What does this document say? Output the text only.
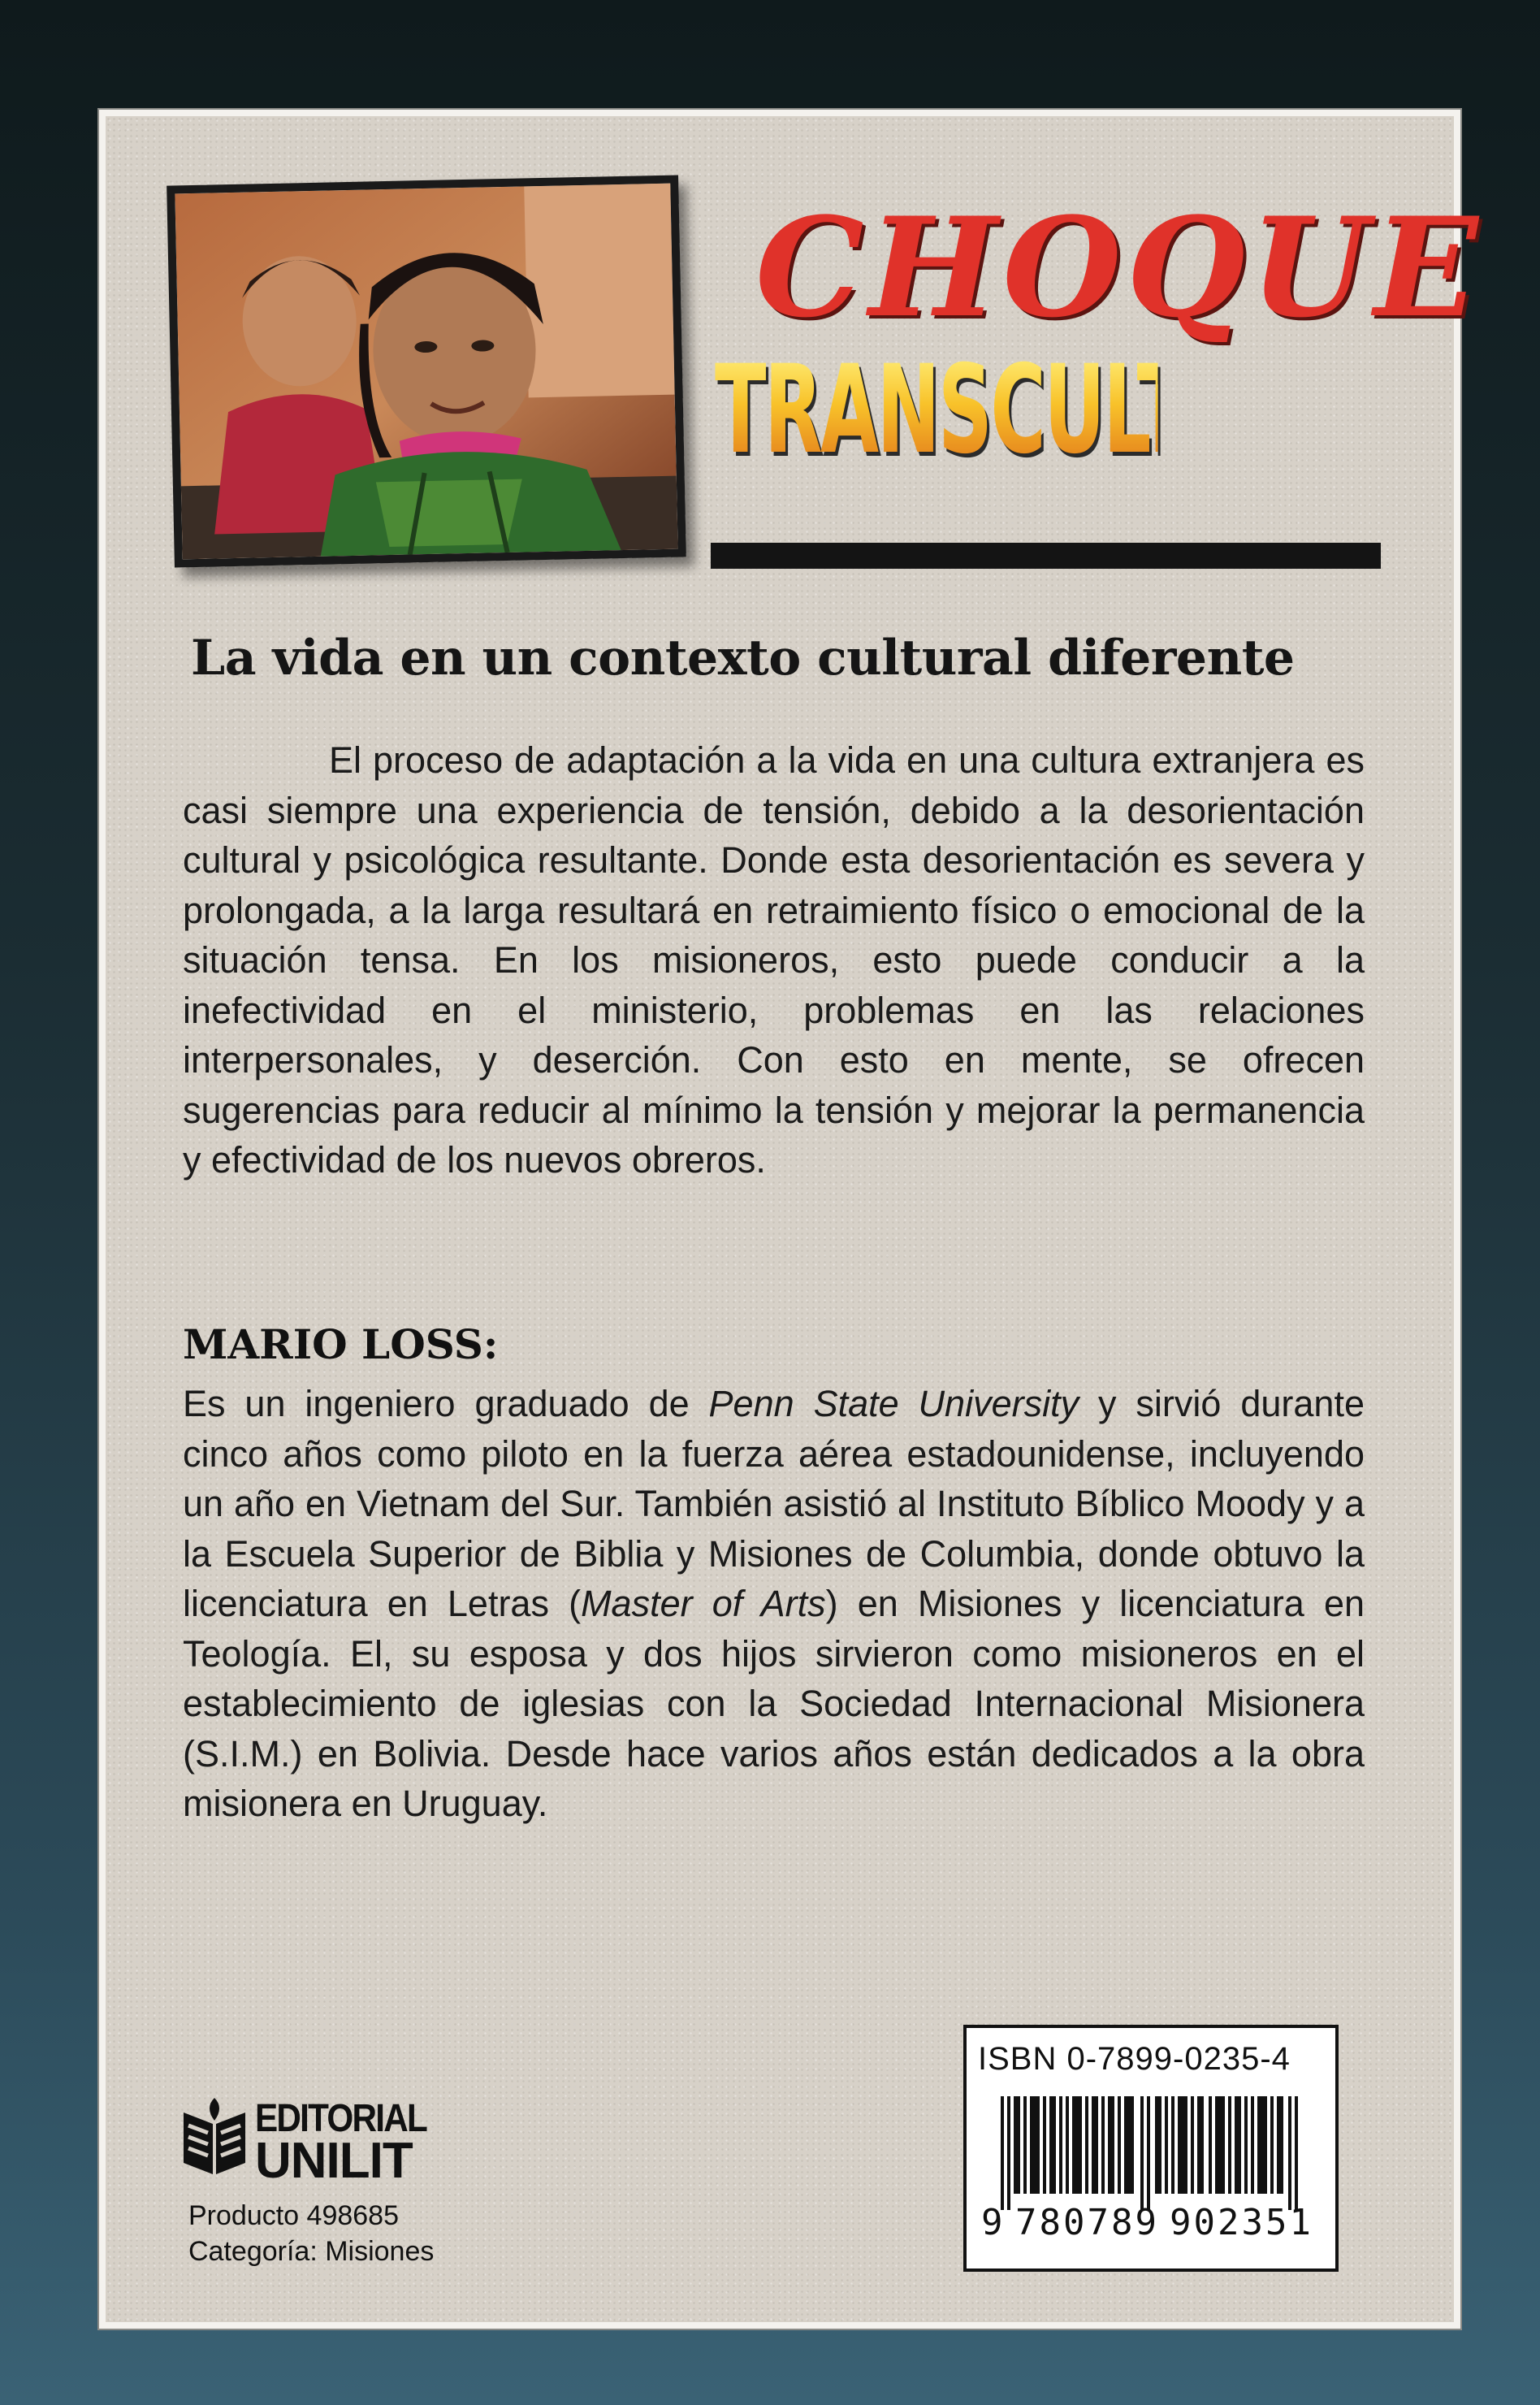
CHOQUE
TRANSCULTURAL
La vida en un contexto cultural diferente
El proceso de adaptación a la vida en una cultura extranjera es casi siempre una experiencia de tensión, debido a la desorientación cultural y psicológica resultante. Donde esta desorientación es severa y prolongada, a la larga resultará en retraimiento físico o emocional de la situación tensa. En los misioneros, esto puede conducir a la inefectividad en el ministerio, problemas en las relaciones interpersonales, y deserción. Con esto en mente, se ofrecen sugerencias para reducir al mínimo la tensión y mejorar la permanencia y efectividad de los nuevos obreros.
MARIO LOSS:
Es un ingeniero graduado de Penn State University y sirvió durante cinco años como piloto en la fuerza aérea estadounidense, incluyendo un año en Vietnam del Sur. También asistió al Instituto Bíblico Moody y a la Escuela Superior de Biblia y Misiones de Columbia, donde obtuvo la licenciatura en Letras (Master of Arts) en Misiones y licenciatura en Teología. El, su esposa y dos hijos sirvieron como misioneros en el establecimiento de iglesias con la Sociedad Internacional Misionera (S.I.M.) en Bolivia. Desde hace varios años están dedicados a la obra misionera en Uruguay.
EDITORIAL
UNILIT
Producto 498685
Categoría: Misiones
ISBN 0-7899-0235-4
9 780789 902351
